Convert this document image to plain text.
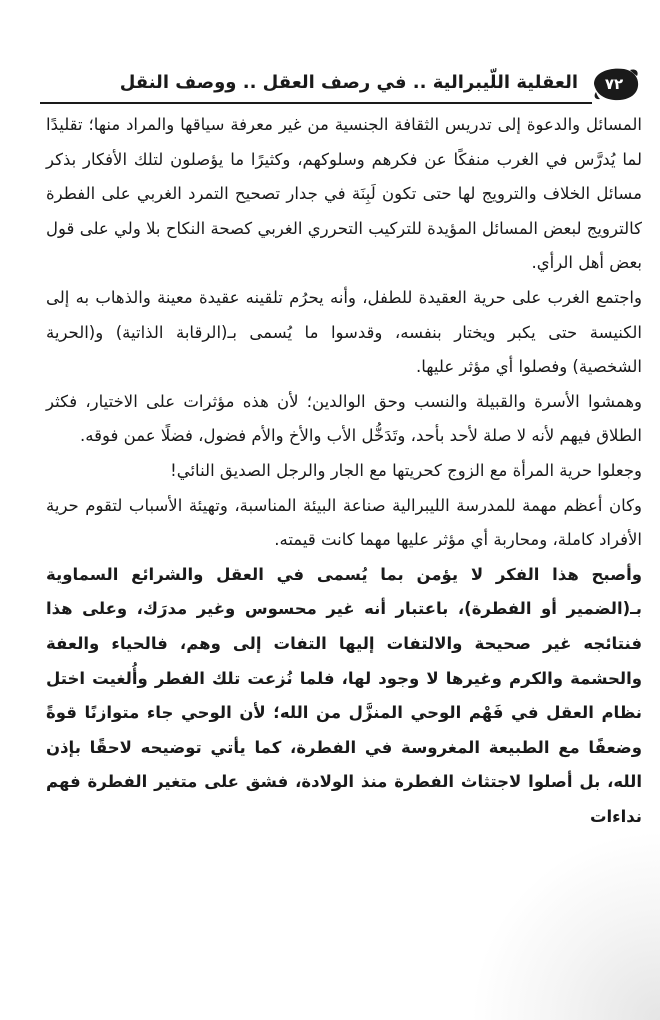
٧٢
العقلية اللّيبرالية .. في رصف العقل .. ووصف النقل

المسائل والدعوة إلى تدريس الثقافة الجنسية من غير معرفة سياقها والمراد منها؛ تقليدًا لما يُدرَّس في الغرب منفكًا عن فكرهم وسلوكهم، وكثيرًا ما يؤصلون لتلك الأفكار بذكر مسائل الخلاف والترويج لها حتى تكون لَبِنَة في جدار تصحيح التمرد الغربي على الفطرة كالترويج لبعض المسائل المؤيدة للتركيب التحرري الغربي كصحة النكاح بلا ولي على قول بعض أهل الرأي.

واجتمع الغرب على حرية العقيدة للطفل، وأنه يحرُم تلقينه عقيدة معينة والذهاب به إلى الكنيسة حتى يكبر ويختار بنفسه، وقدسوا ما يُسمى بـ(الرقابة الذاتية) و(الحرية الشخصية) وفصلوا أي مؤثر عليها.

وهمشوا الأسرة والقبيلة والنسب وحق الوالدين؛ لأن هذه مؤثرات على الاختيار، فكثر الطلاق فيهم لأنه لا صلة لأحد بأحد، وتَدَخُّل الأب والأخ والأم فضول، فضلًا عمن فوقه.

وجعلوا حرية المرأة مع الزوج كحريتها مع الجار والرجل الصديق النائي!

وكان أعظم مهمة للمدرسة الليبرالية صناعة البيئة المناسبة، وتهيئة الأسباب لتقوم حرية الأفراد كاملة، ومحاربة أي مؤثر عليها مهما كانت قيمته.

وأصبح هذا الفكر لا يؤمن بما يُسمى في العقل والشرائع السماوية بـ(الضمير أو الفطرة)، باعتبار أنه غير محسوس وغير مدرَك، وعلى هذا فنتائجه غير صحيحة والالتفات إليها التفات إلى وهم، فالحياء والعفة والحشمة والكرم وغيرها لا وجود لها، فلما نُزعت تلك الفطر وأُلغيت اختل نظام العقل في فَهْم الوحي المنزَّل من الله؛ لأن الوحي جاء متوازنًا قوةً وضعفًا مع الطبيعة المغروسة في الفطرة، كما يأتي توضيحه لاحقًا بإذن الله، بل أصلوا لاجتثاث الفطرة منذ الولادة، فشق على متغير الفطرة فهم نداءات
